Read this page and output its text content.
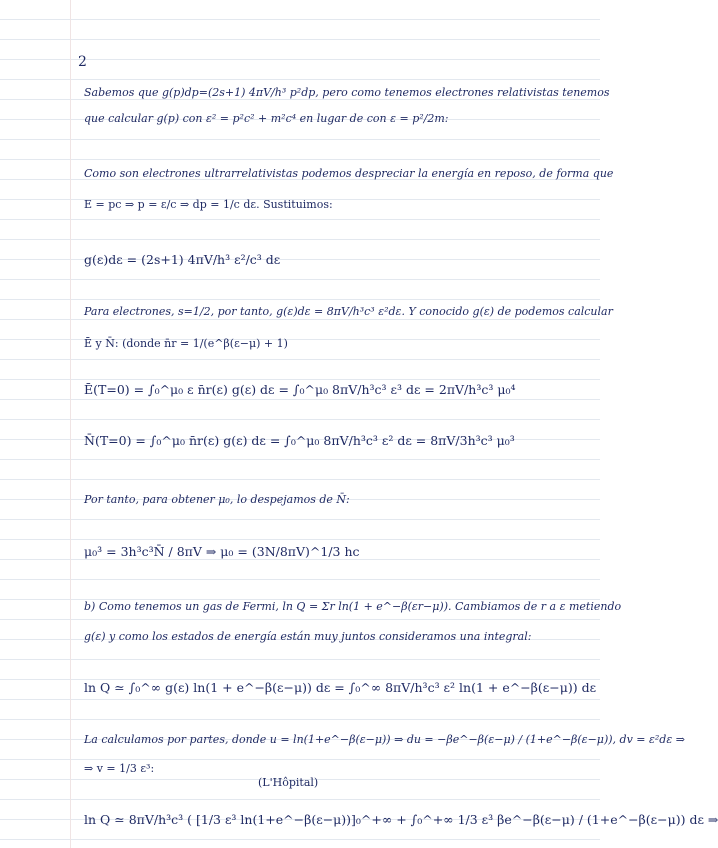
2
Sabemos que g(p)dp=(2s+1) 4πV/h³ p²dp, pero como tenemos electrones relativistas tenemos
que calcular g(p) con ε² = p²c² + m²c⁴ en lugar de con ε = p²/2m:
Como son electrones ultrarrelativistas podemos despreciar la energía en reposo, de forma que
E = pc ⇒ p = ε/c ⇒ dp = 1/c dε. Sustituimos:
g(ε)dε = (2s+1) 4πV/h³ ε²/c³ dε
Para electrones, s=1/2, por tanto, g(ε)dε = 8πV/h³c³ ε²dε. Y conocido g(ε) de podemos calcular
Ē y N̄: (donde n̄r = 1/(e^β(ε−μ) + 1)
Ē(T=0) = ∫₀^μ₀ ε n̄r(ε) g(ε) dε = ∫₀^μ₀ 8πV/h³c³ ε³ dε = 2πV/h³c³ μ₀⁴
N̄(T=0) = ∫₀^μ₀ n̄r(ε) g(ε) dε = ∫₀^μ₀ 8πV/h³c³ ε² dε = 8πV/3h³c³ μ₀³
Por tanto, para obtener μ₀, lo despejamos de N̄:
μ₀³ = 3h³c³N̄ / 8πV ⇒ μ₀ = (3N/8πV)^1/3 hc
b) Como tenemos un gas de Fermi, ln Q = Σr ln(1 + e^−β(εr−μ)). Cambiamos de r a ε metiendo
g(ε) y como los estados de energía están muy juntos consideramos una integral:
ln Q ≃ ∫₀^∞ g(ε) ln(1 + e^−β(ε−μ)) dε = ∫₀^∞ 8πV/h³c³ ε² ln(1 + e^−β(ε−μ)) dε
La calculamos por partes, donde u = ln(1+e^−β(ε−μ)) ⇒ du = −βe^−β(ε−μ) / (1+e^−β(ε−μ)), dv = ε²dε ⇒
⇒ v = 1/3 ε³:
(L'Hôpital)
ln Q ≃ 8πV/h³c³ ( [1/3 ε³ ln(1+e^−β(ε−μ))]₀^+∞ + ∫₀^+∞ 1/3 ε³ βe^−β(ε−μ) / (1+e^−β(ε−μ)) dε ⇒
